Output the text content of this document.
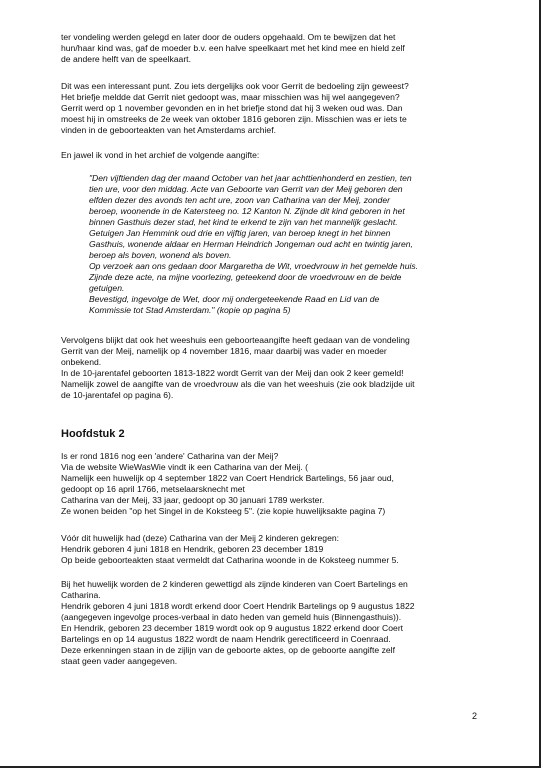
ter vondeling werden gelegd en later door de ouders opgehaald. Om te bewijzen dat het
hun/haar kind was, gaf de moeder b.v. een halve speelkaart met het kind mee en hield zelf
de andere helft van de speelkaart.
Dit was een interessant punt. Zou iets dergelijks ook voor Gerrit de bedoeling zijn geweest?
Het briefje meldde dat Gerrit niet gedoopt was, maar misschien was hij wel aangegeven?
Gerrit werd op 1 november gevonden en in het briefje stond dat hij 3 weken oud was. Dan
moest hij in omstreeks de 2e week van oktober 1816 geboren zijn. Misschien was er iets te
vinden in de geboorteakten van het Amsterdams archief.
En jawel ik vond in het archief de volgende aangifte:
"Den vijftienden dag der maand October van het jaar achttienhonderd en zestien, ten
tien ure, voor den middag. Acte van Geboorte van Gerrit van der Meij geboren den
elfden dezer des avonds ten acht ure, zoon van Catharina van der Meij, zonder
beroep, woonende in de Katersteeg no. 12 Kanton N. Zijnde dit kind geboren in het
binnen Gasthuis dezer stad, het kind te erkend te zijn van het mannelijk geslacht.
Getuigen Jan Hemmink oud drie en vijftig jaren, van beroep knegt in het binnen
Gasthuis, wonende aldaar en Herman Heindrich Jongeman oud acht en twintig jaren,
beroep als boven, wonend als boven.
Op verzoek aan ons gedaan door Margaretha de Wit, vroedvrouw in het gemelde huis.
Zijnde deze acte, na mijne voorlezing, geteekend door de vroedvrouw en de beide
getuigen.
Bevestigd, ingevolge de Wet, door mij ondergeteekende Raad en Lid van de
Kommissie tot Stad Amsterdam." (kopie op pagina 5)
Vervolgens blijkt dat ook het weeshuis een geboorteaangifte heeft gedaan van de vondeling
Gerrit van der Meij, namelijk op 4 november 1816, maar daarbij was vader en moeder
onbekend.
In de 10-jarentafel geboorten 1813-1822 wordt Gerrit van der Meij dan ook 2 keer gemeld!
Namelijk zowel de aangifte van de vroedvrouw als die van het weeshuis (zie ook bladzijde uit
de 10-jarentafel op pagina 6).
Hoofdstuk 2
Is er rond 1816 nog een 'andere' Catharina van der Meij?
Via de website WieWasWie vindt ik een Catharina van der Meij. (
Namelijk een huwelijk op 4 september 1822 van Coert Hendrick Bartelings, 56 jaar oud,
gedoopt op 16 april 1766, metselaarsknecht met
Catharina van der Meij, 33 jaar, gedoopt op 30 januari 1789 werkster.
Ze wonen beiden "op het Singel in de Koksteeg 5". (zie kopie huwelijksakte pagina 7)
Vóór dit huwelijk had (deze) Catharina van der Meij 2 kinderen gekregen:
Hendrik geboren 4 juni 1818 en Hendrik, geboren 23 december 1819
Op beide geboorteakten staat vermeldt dat Catharina woonde in de Koksteeg nummer 5.
Bij het huwelijk worden de 2 kinderen gewettigd als zijnde kinderen van Coert Bartelings en
Catharina.
Hendrik geboren 4 juni 1818 wordt erkend door Coert Hendrik Bartelings op 9 augustus 1822
(aangegeven ingevolge proces-verbaal in dato heden van gemeld huis (Binnengasthuis)).
En Hendrik, geboren 23 december 1819 wordt ook op 9 augustus 1822 erkend door Coert
Bartelings en op 14 augustus 1822 wordt de naam Hendrik gerectificeerd in Coenraad.
Deze erkenningen staan in de zijlijn van de geboorte aktes, op de geboorte aangifte zelf
staat geen vader aangegeven.
2
